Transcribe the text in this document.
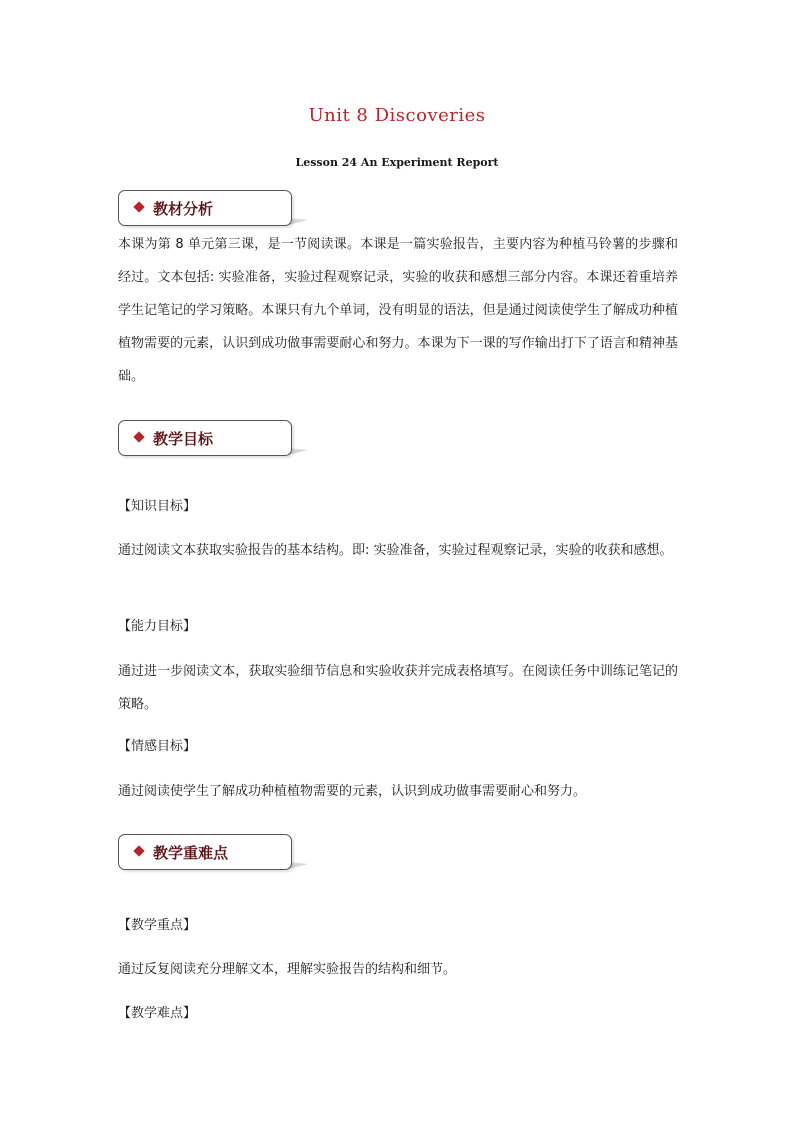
Unit 8 Discoveries
Lesson 24 An Experiment Report
教材分析
本课为第 8 单元第三课，是一节阅读课。本课是一篇实验报告，主要内容为种植马铃薯的步骤和经过。文本包括: 实验准备，实验过程观察记录，实验的收获和感想三部分内容。本课还着重培养学生记笔记的学习策略。本课只有九个单词，没有明显的语法，但是通过阅读使学生了解成功种植植物需要的元素，认识到成功做事需要耐心和努力。本课为下一课的写作输出打下了语言和精神基础。
教学目标
【知识目标】
通过阅读文本获取实验报告的基本结构。即: 实验准备，实验过程观察记录，实验的收获和感想。
【能力目标】
通过进一步阅读文本，获取实验细节信息和实验收获并完成表格填写。在阅读任务中训练记笔记的策略。
【情感目标】
通过阅读使学生了解成功种植植物需要的元素，认识到成功做事需要耐心和努力。
教学重难点
【教学重点】
通过反复阅读充分理解文本，理解实验报告的结构和细节。
【教学难点】
